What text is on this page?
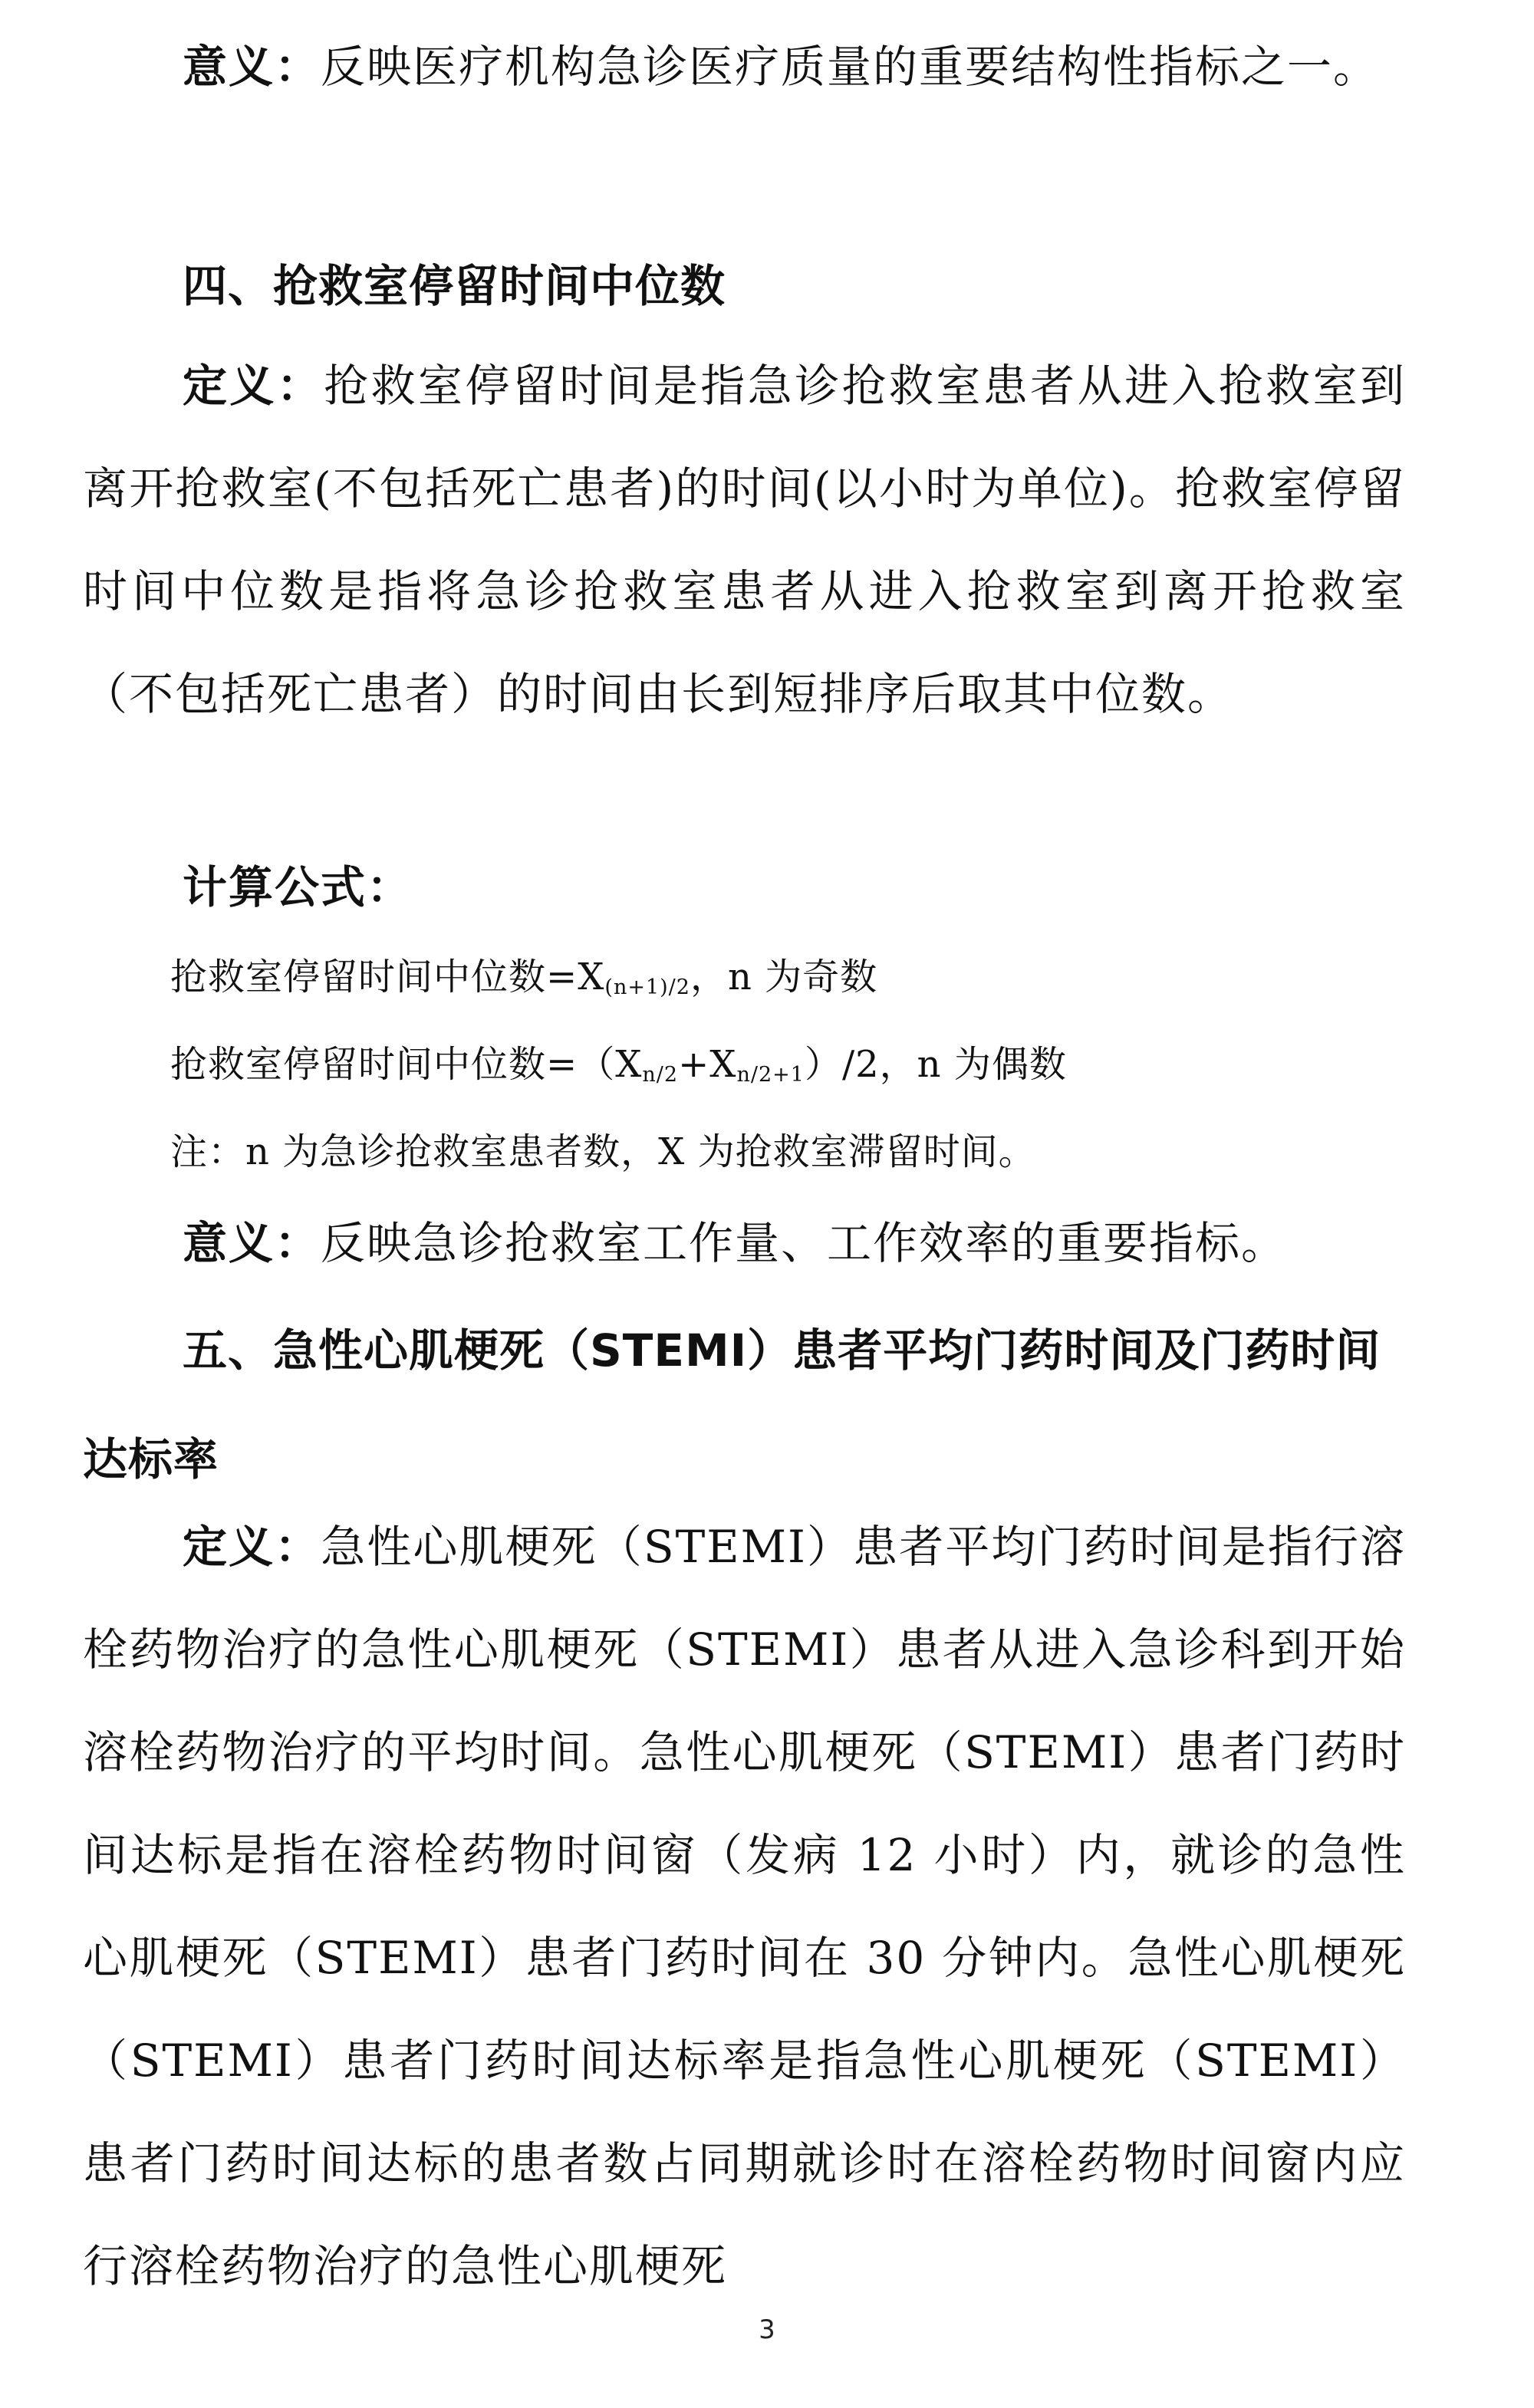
意义：反映医疗机构急诊医疗质量的重要结构性指标之一。

四、抢救室停留时间中位数

定义：抢救室停留时间是指急诊抢救室患者从进入抢救室到离开抢救室(不包括死亡患者)的时间(以小时为单位)。抢救室停留时间中位数是指将急诊抢救室患者从进入抢救室到离开抢救室（不包括死亡患者）的时间由长到短排序后取其中位数。

计算公式：

抢救室停留时间中位数$=X_{(n+1)/2}$，n 为奇数

抢救室停留时间中位数$=(X_{n/2}+X_{n/2+1})/2$，n 为偶数

注：n 为急诊抢救室患者数，X 为抢救室滞留时间。

意义：反映急诊抢救室工作量、工作效率的重要指标。

五、急性心肌梗死（STEMI）患者平均门药时间及门药时间达标率

定义：急性心肌梗死（STEMI）患者平均门药时间是指行溶栓药物治疗的急性心肌梗死（STEMI）患者从进入急诊科到开始溶栓药物治疗的平均时间。急性心肌梗死（STEMI）患者门药时间达标是指在溶栓药物时间窗（发病 12 小时）内，就诊的急性心肌梗死（STEMI）患者门药时间在 30 分钟内。急性心肌梗死（STEMI）患者门药时间达标率是指急性心肌梗死（STEMI）患者门药时间达标的患者数占同期就诊时在溶栓药物时间窗内应行溶栓药物治疗的急性心肌梗死

3
